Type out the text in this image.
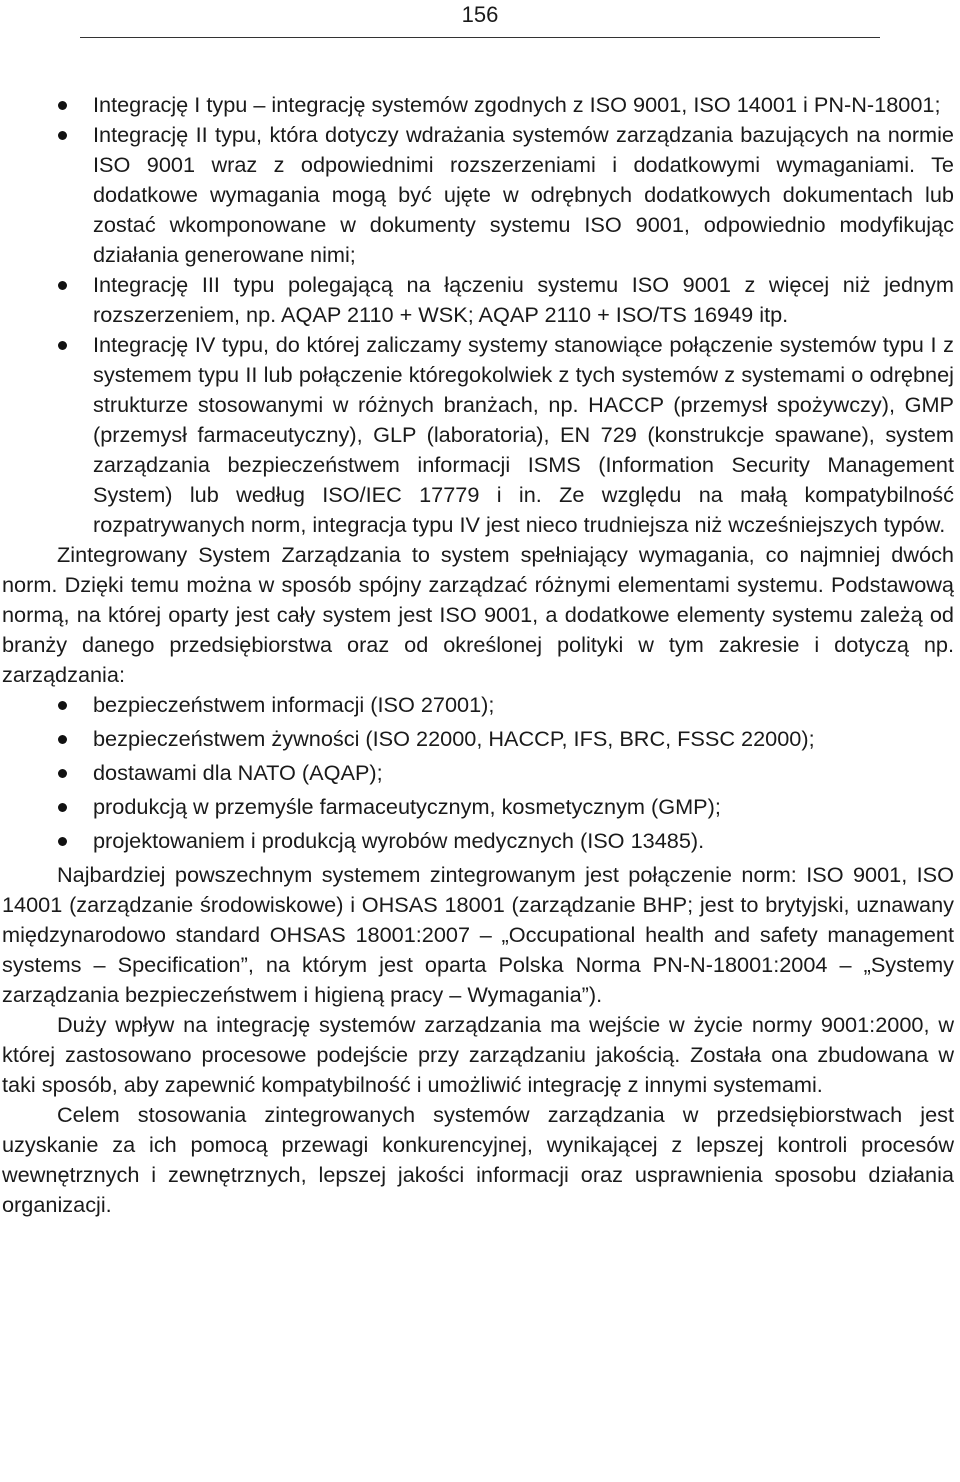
156
Integrację I typu – integrację systemów zgodnych z ISO 9001, ISO 14001 i PN-N-18001;
Integrację II typu, która dotyczy wdrażania systemów zarządzania bazujących na normie ISO 9001 wraz z odpowiednimi rozszerzeniami i dodatkowymi wymaganiami. Te dodatkowe wymagania mogą być ujęte w odrębnych dodatkowych dokumentach lub zostać wkomponowane w dokumenty systemu ISO 9001, odpowiednio modyfikując działania generowane nimi;
Integrację III typu polegającą na łączeniu systemu ISO 9001 z więcej niż jednym rozszerzeniem, np. AQAP 2110 + WSK; AQAP 2110 + ISO/TS 16949 itp.
Integrację IV typu, do której zaliczamy systemy stanowiące połączenie systemów typu I z systemem typu II lub połączenie któregokolwiek z tych systemów z systemami o odrębnej strukturze stosowanymi w różnych branżach, np. HACCP (przemysł spożywczy), GMP (przemysł farmaceutyczny), GLP (laboratoria), EN 729 (konstrukcje spawane), system zarządzania bezpieczeństwem informacji ISMS (Information Security Management System) lub według ISO/IEC 17779 i in. Ze względu na małą kompatybilność rozpatrywanych norm, integracja typu IV jest nieco trudniejsza niż wcześniejszych typów.

Zintegrowany System Zarządzania to system spełniający wymagania, co najmniej dwóch norm. Dzięki temu można w sposób spójny zarządzać różnymi elementami systemu. Podstawową normą, na której oparty jest cały system jest ISO 9001, a dodatkowe elementy systemu zależą od branży danego przedsiębiorstwa oraz od określonej polityki w tym zakresie i dotyczą np. zarządzania:

bezpieczeństwem informacji (ISO 27001);
bezpieczeństwem żywności (ISO 22000, HACCP, IFS, BRC, FSSC 22000);
dostawami dla NATO (AQAP);
produkcją w przemyśle farmaceutycznym, kosmetycznym (GMP);
projektowaniem i produkcją wyrobów medycznych (ISO 13485).

Najbardziej powszechnym systemem zintegrowanym jest połączenie norm: ISO 9001, ISO 14001 (zarządzanie środowiskowe) i OHSAS 18001 (zarządzanie BHP; jest to brytyjski, uznawany międzynarodowo standard OHSAS 18001:2007 – „Occupational health and safety management systems – Specification”, na którym jest oparta Polska Norma PN-N-18001:2004 – „Systemy zarządzania bezpieczeństwem i higieną pracy – Wymagania”).

Duży wpływ na integrację systemów zarządzania ma wejście w życie normy 9001:2000, w której zastosowano procesowe podejście przy zarządzaniu jakością. Została ona zbudowana w taki sposób, aby zapewnić kompatybilność i umożliwić integrację z innymi systemami.

Celem stosowania zintegrowanych systemów zarządzania w przedsiębiorstwach jest uzyskanie za ich pomocą przewagi konkurencyjnej, wynikającej z lepszej kontroli procesów wewnętrznych i zewnętrznych, lepszej jakości informacji oraz usprawnienia sposobu działania organizacji.
